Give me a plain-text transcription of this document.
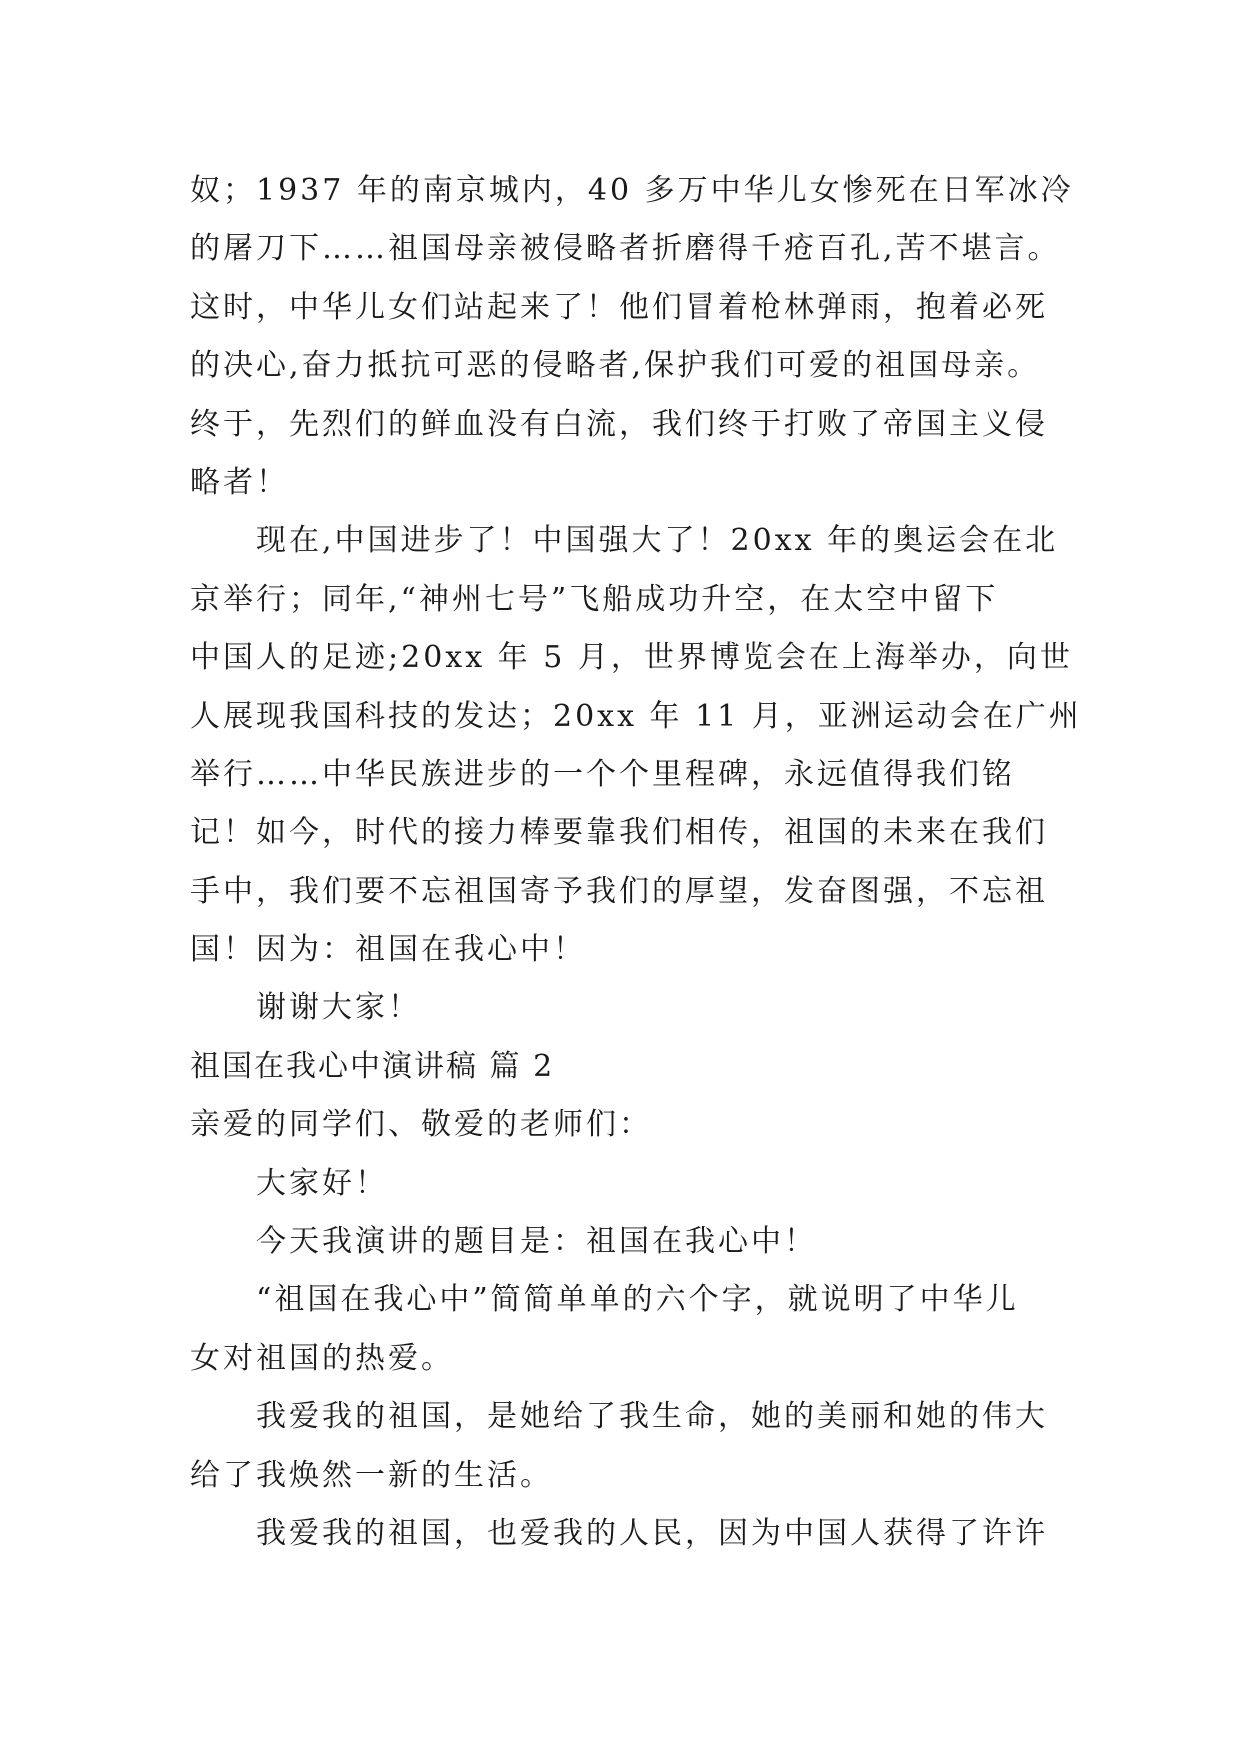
奴；1937 年的南京城内，40 多万中华儿女惨死在日军冰冷
的屠刀下……祖国母亲被侵略者折磨得千疮百孔,苦不堪言。
这时，中华儿女们站起来了！他们冒着枪林弹雨，抱着必死
的决心,奋力抵抗可恶的侵略者,保护我们可爱的祖国母亲。
终于，先烈们的鲜血没有白流，我们终于打败了帝国主义侵
略者！
现在,中国进步了！中国强大了！20xx 年的奥运会在北
京举行；同年,“神州七号”飞船成功升空，在太空中留下
中国人的足迹;20xx 年 5 月，世界博览会在上海举办，向世
人展现我国科技的发达；20xx 年 11 月，亚洲运动会在广州
举行……中华民族进步的一个个里程碑，永远值得我们铭
记！如今，时代的接力棒要靠我们相传，祖国的未来在我们
手中，我们要不忘祖国寄予我们的厚望，发奋图强，不忘祖
国！因为：祖国在我心中！
谢谢大家！
祖国在我心中演讲稿 篇 2
亲爱的同学们、敬爱的老师们：
大家好！
今天我演讲的题目是：祖国在我心中！
“祖国在我心中”简简单单的六个字，就说明了中华儿
女对祖国的热爱。
我爱我的祖国，是她给了我生命，她的美丽和她的伟大
给了我焕然一新的生活。
我爱我的祖国，也爱我的人民，因为中国人获得了许许
